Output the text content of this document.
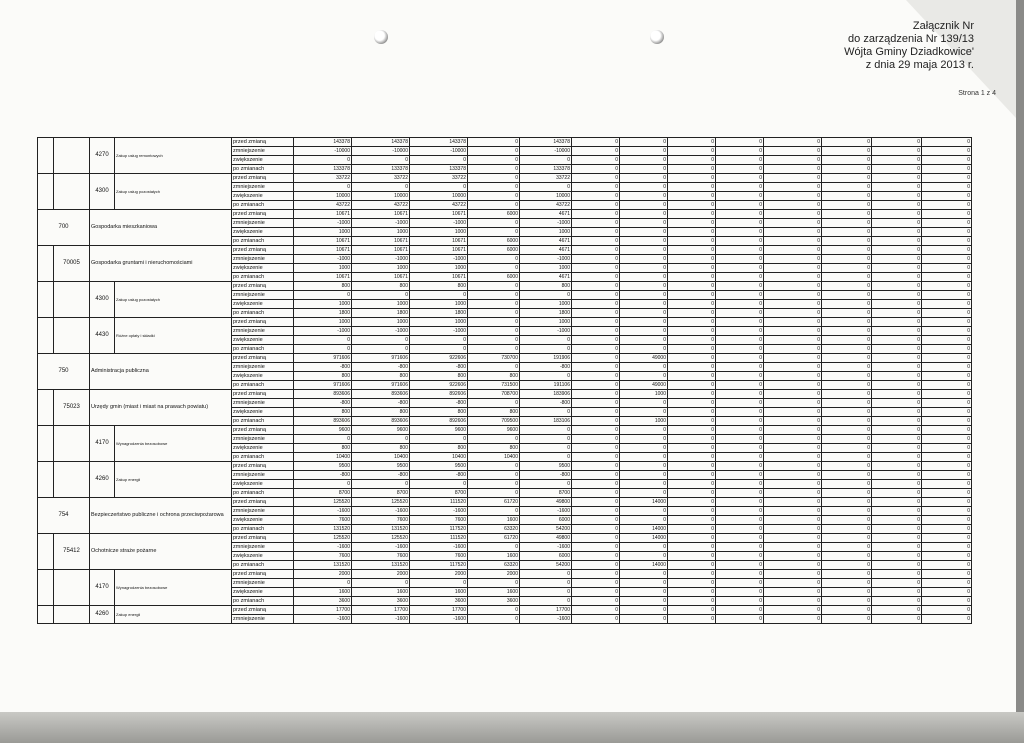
Załącznik Nr
do zarządzenia Nr 139/13
Wójta Gminy Dziadkowice'
z dnia 29 maja 2013 r.
Strona 1 z 4
		4270	Zakup usług remontowych	przed zmianą	143378	143378	143378	0	143378	0	0	0	0	0	0	0	0
				zmniejszenie	-10000	-10000	-10000	0	-10000	0	0	0	0	0	0	0	0
				zwiększenie	0	0	0	0	0	0	0	0	0	0	0	0	0
				po zmianach	133378	133378	133378	0	133378	0	0	0	0	0	0	0	0
		4300	Zakup usług pozostałych	przed zmianą	33722	33722	33722	0	33722	0	0	0	0	0	0	0	0
				zmniejszenie	0	0	0	0	0	0	0	0	0	0	0	0	0
				zwiększenie	10000	10000	10000	0	10000	0	0	0	0	0	0	0	0
				po zmianach	43722	43722	43722	0	43722	0	0	0	0	0	0	0	0
700		Gospodarka mieszkaniowa		przed zmianą	10671	10671	10671	6000	4671	0	0	0	0	0	0	0	0
				zmniejszenie	-1000	-1000	-1000	0	-1000	0	0	0	0	0	0	0	0
				zwiększenie	1000	1000	1000	0	1000	0	0	0	0	0	0	0	0
				po zmianach	10671	10671	10671	6000	4671	0	0	0	0	0	0	0	0
	70005	Gospodarka gruntami i nieruchomościami		przed zmianą	10671	10671	10671	6000	4671	0	0	0	0	0	0	0	0
				zmniejszenie	-1000	-1000	-1000	0	-1000	0	0	0	0	0	0	0	0
				zwiększenie	1000	1000	1000	0	1000	0	0	0	0	0	0	0	0
				po zmianach	10671	10671	10671	6000	4671	0	0	0	0	0	0	0	0
		4300	Zakup usług pozostałych	przed zmianą	800	800	800	0	800	0	0	0	0	0	0	0	0
				zmniejszenie	0	0	0	0	0	0	0	0	0	0	0	0	0
				zwiększenie	1000	1000	1000	0	1000	0	0	0	0	0	0	0	0
				po zmianach	1800	1800	1800	0	1800	0	0	0	0	0	0	0	0
		4430	Różne opłaty i składki	przed zmianą	1000	1000	1000	0	1000	0	0	0	0	0	0	0	0
				zmniejszenie	-1000	-1000	-1000	0	-1000	0	0	0	0	0	0	0	0
				zwiększenie	0	0	0	0	0	0	0	0	0	0	0	0	0
				po zmianach	0	0	0	0	0	0	0	0	0	0	0	0	0
750		Administracja publiczna		przed zmianą	971606	971606	922606	730700	191906	0	49000	0	0	0	0	0	0
				zmniejszenie	-800	-800	-800	0	-800	0	0	0	0	0	0	0	0
				zwiększenie	800	800	800	800	0	0	0	0	0	0	0	0	0
				po zmianach	971606	971606	922606	731500	191106	0	49000	0	0	0	0	0	0
	75023	Urzędy gmin (miast i miast na prawach powiatu)		przed zmianą	893606	893606	892606	708700	183906	0	1000	0	0	0	0	0	0
				zmniejszenie	-800	-800	-800	0	-800	0	0	0	0	0	0	0	0
				zwiększenie	800	800	800	800	0	0	0	0	0	0	0	0	0
				po zmianach	893606	893606	892606	709500	183106	0	1000	0	0	0	0	0	0
		4170	Wynagrodzenia bezosobowe	przed zmianą	9600	9600	9600	9600	0	0	0	0	0	0	0	0	0
				zmniejszenie	0	0	0	0	0	0	0	0	0	0	0	0	0
				zwiększenie	800	800	800	800	0	0	0	0	0	0	0	0	0
				po zmianach	10400	10400	10400	10400	0	0	0	0	0	0	0	0	0
		4260	Zakup energii	przed zmianą	9500	9500	9500	0	9500	0	0	0	0	0	0	0	0
				zmniejszenie	-800	-800	-800	0	-800	0	0	0	0	0	0	0	0
				zwiększenie	0	0	0	0	0	0	0	0	0	0	0	0	0
				po zmianach	8700	8700	8700	0	8700	0	0	0	0	0	0	0	0
754		Bezpieczeństwo publiczne i ochrona przeciwpożarowa		przed zmianą	125520	125520	111520	61720	49800	0	14000	0	0	0	0	0	0
				zmniejszenie	-1600	-1600	-1600	0	-1600	0	0	0	0	0	0	0	0
				zwiększenie	7600	7600	7600	1600	6000	0	0	0	0	0	0	0	0
				po zmianach	131520	131520	117520	63320	54200	0	14000	0	0	0	0	0	0
	75412	Ochotnicze straże pożarne		przed zmianą	125520	125520	111520	61720	49800	0	14000	0	0	0	0	0	0
				zmniejszenie	-1600	-1600	-1600	0	-1600	0	0	0	0	0	0	0	0
				zwiększenie	7600	7600	7600	1600	6000	0	0	0	0	0	0	0	0
				po zmianach	131520	131520	117520	63320	54200	0	14000	0	0	0	0	0	0
		4170	Wynagrodzenia bezosobowe	przed zmianą	2000	2000	2000	2000	0	0	0	0	0	0	0	0	0
				zmniejszenie	0	0	0	0	0	0	0	0	0	0	0	0	0
				zwiększenie	1600	1600	1600	1600	0	0	0	0	0	0	0	0	0
				po zmianach	3600	3600	3600	3600	0	0	0	0	0	0	0	0	0
		4260	Zakup energii	przed zmianą	17700	17700	17700	0	17700	0	0	0	0	0	0	0	0
				zmniejszenie	-1600	-1600	-1600	0	-1600	0	0	0	0	0	0	0	0
